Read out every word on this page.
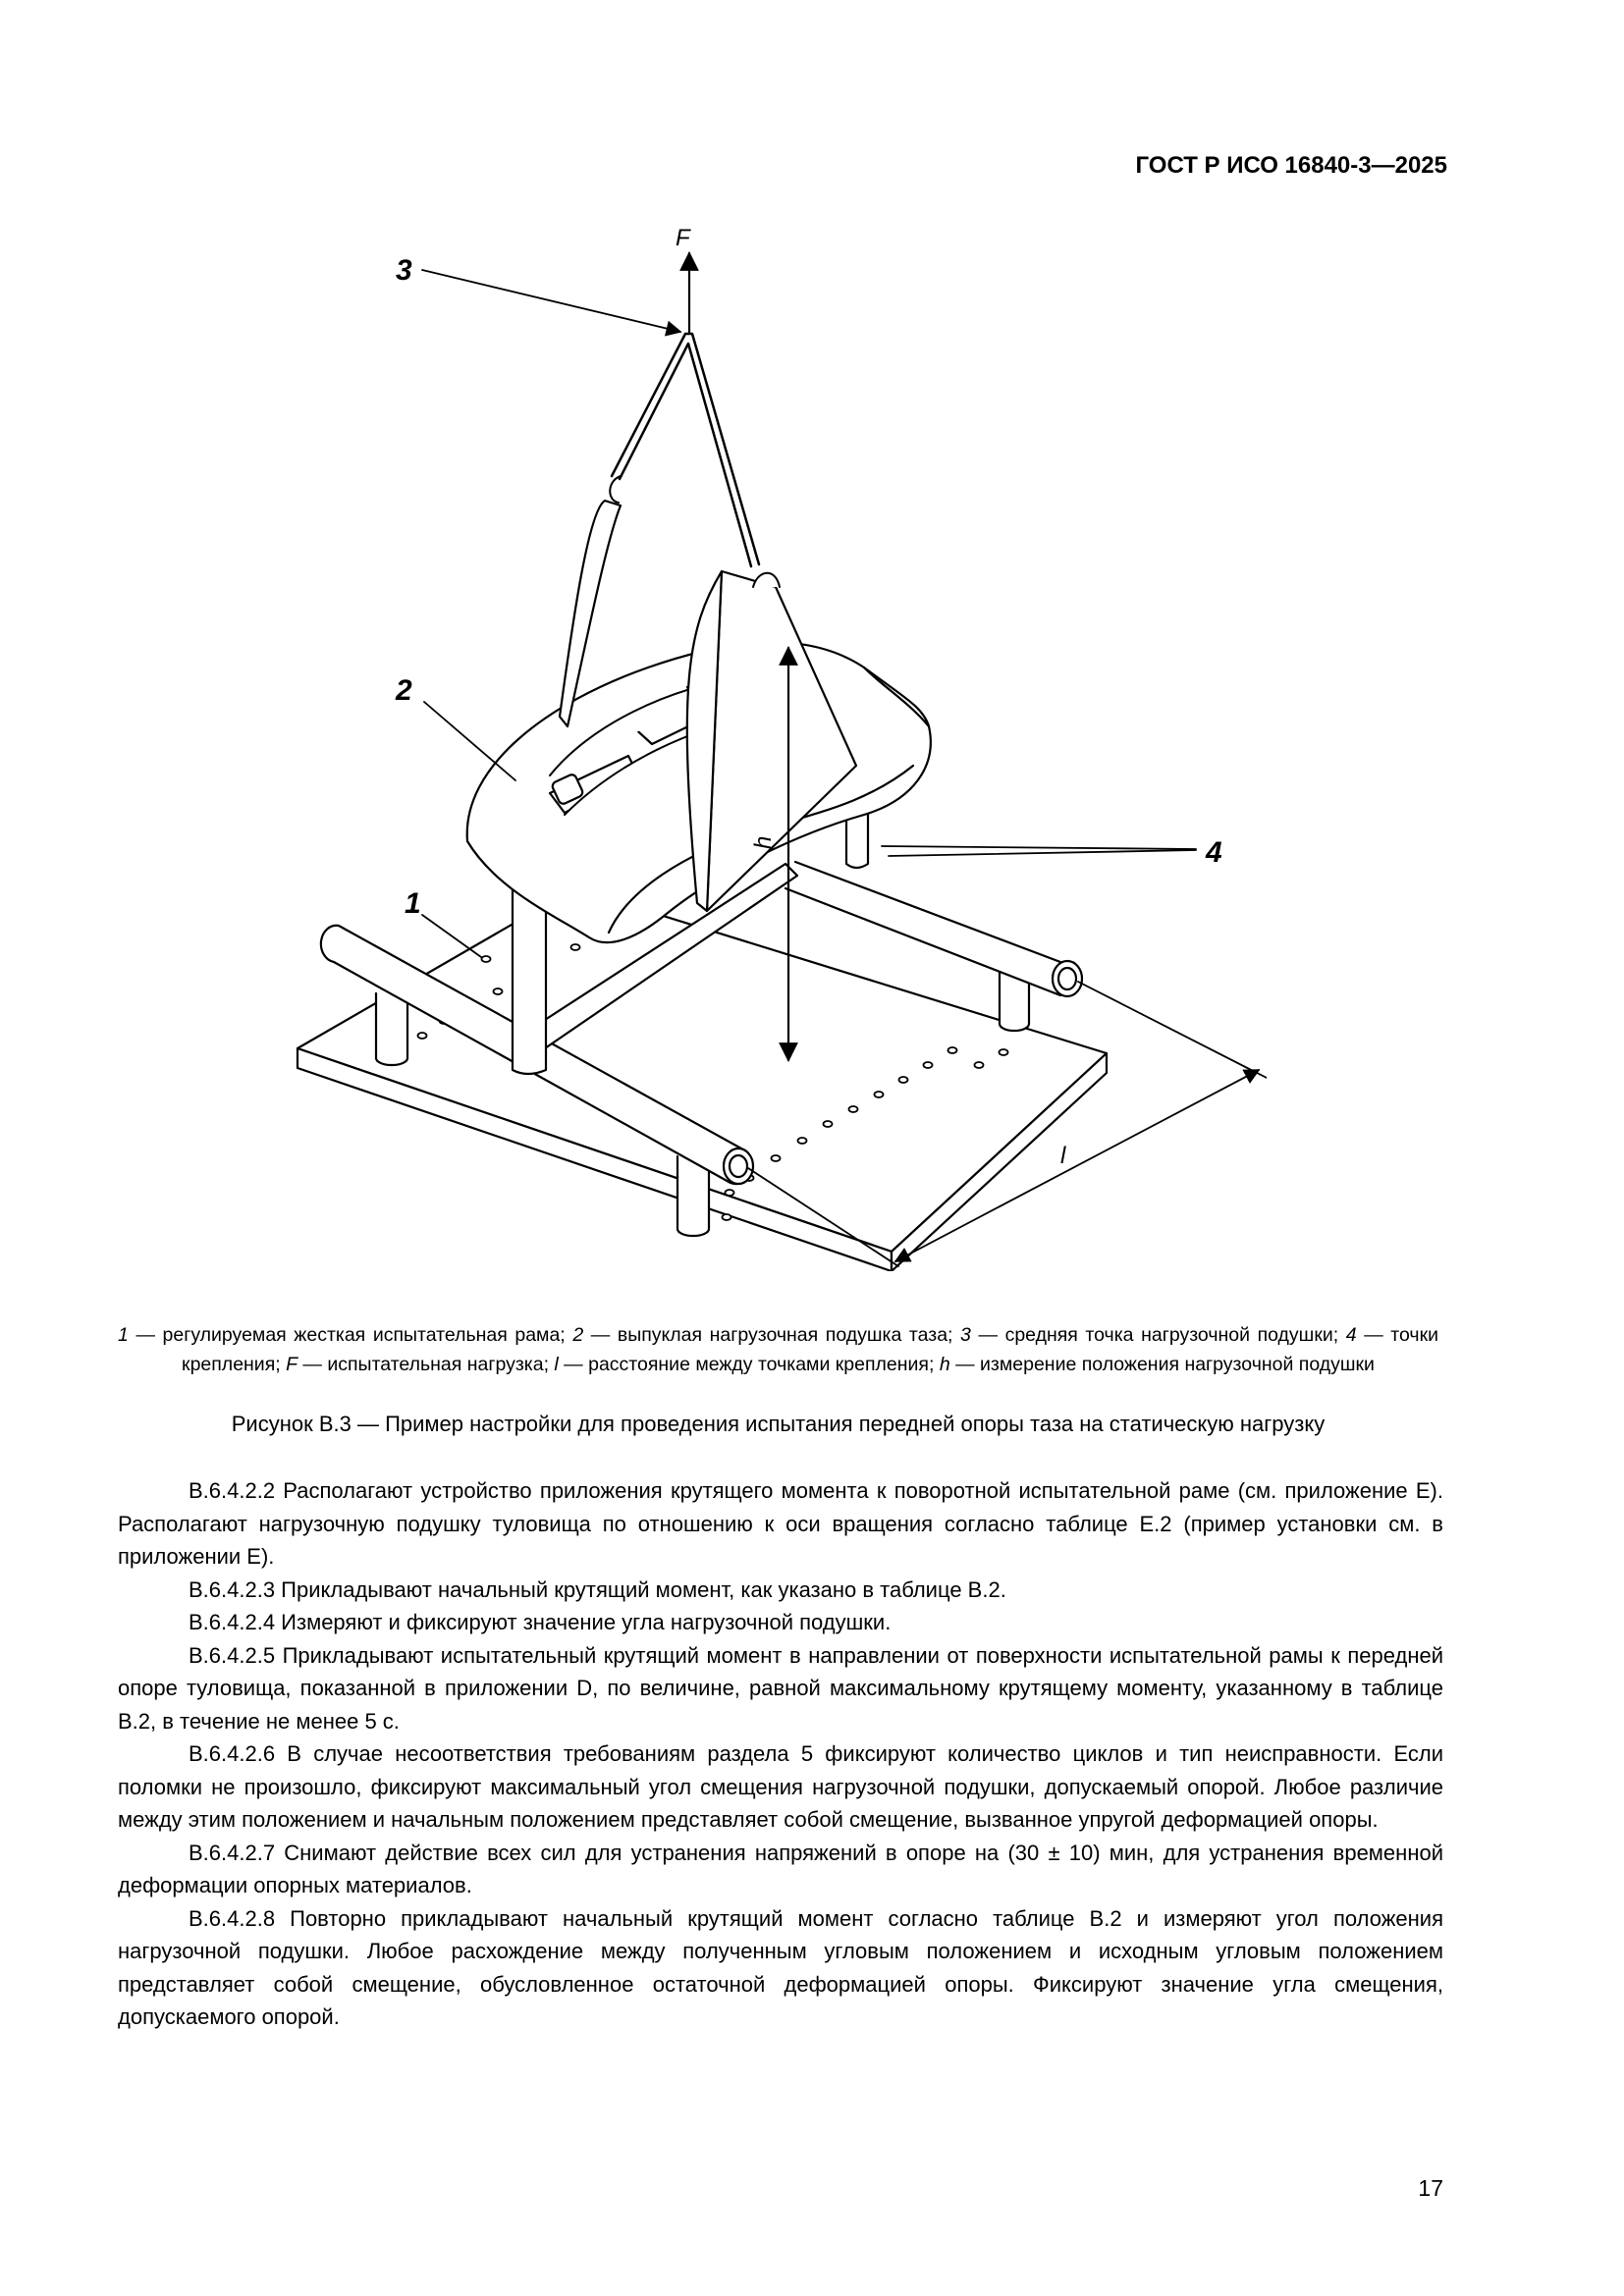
ГОСТ Р ИСО 16840-3—2025
F
h
l
3
2
1
4
1 — регулируемая жесткая испытательная рама; 2 — выпуклая нагрузочная подушка таза; 3 — средняя точка нагрузочной подушки; 4 — точки крепления; F — испытательная нагрузка; l — расстояние между точками крепления; h — измерение положения нагрузочной подушки
Рисунок B.3 — Пример настройки для проведения испытания передней опоры таза на статическую нагрузку

B.6.4.2.2 Располагают устройство приложения крутящего момента к поворотной испытательной раме (см. приложение E). Располагают нагрузочную подушку туловища по отношению к оси вращения согласно таблице E.2 (пример установки см. в приложении E).

B.6.4.2.3 Прикладывают начальный крутящий момент, как указано в таблице B.2.

B.6.4.2.4 Измеряют и фиксируют значение угла нагрузочной подушки.

B.6.4.2.5 Прикладывают испытательный крутящий момент в направлении от поверхности испытательной рамы к передней опоре туловища, показанной в приложении D, по величине, равной максимальному крутящему моменту, указанному в таблице B.2, в течение не менее 5 с.

B.6.4.2.6 В случае несоответствия требованиям раздела 5 фиксируют количество циклов и тип неисправности. Если поломки не произошло, фиксируют максимальный угол смещения нагрузочной подушки, допускаемый опорой. Любое различие между этим положением и начальным положением представляет собой смещение, вызванное упругой деформацией опоры.

B.6.4.2.7 Снимают действие всех сил для устранения напряжений в опоре на (30 ± 10) мин, для устранения временной деформации опорных материалов.

B.6.4.2.8 Повторно прикладывают начальный крутящий момент согласно таблице B.2 и измеряют угол положения нагрузочной подушки. Любое расхождение между полученным угловым положением и исходным угловым положением представляет собой смещение, обусловленное остаточной деформацией опоры. Фиксируют значение угла смещения, допускаемого опорой.

17
